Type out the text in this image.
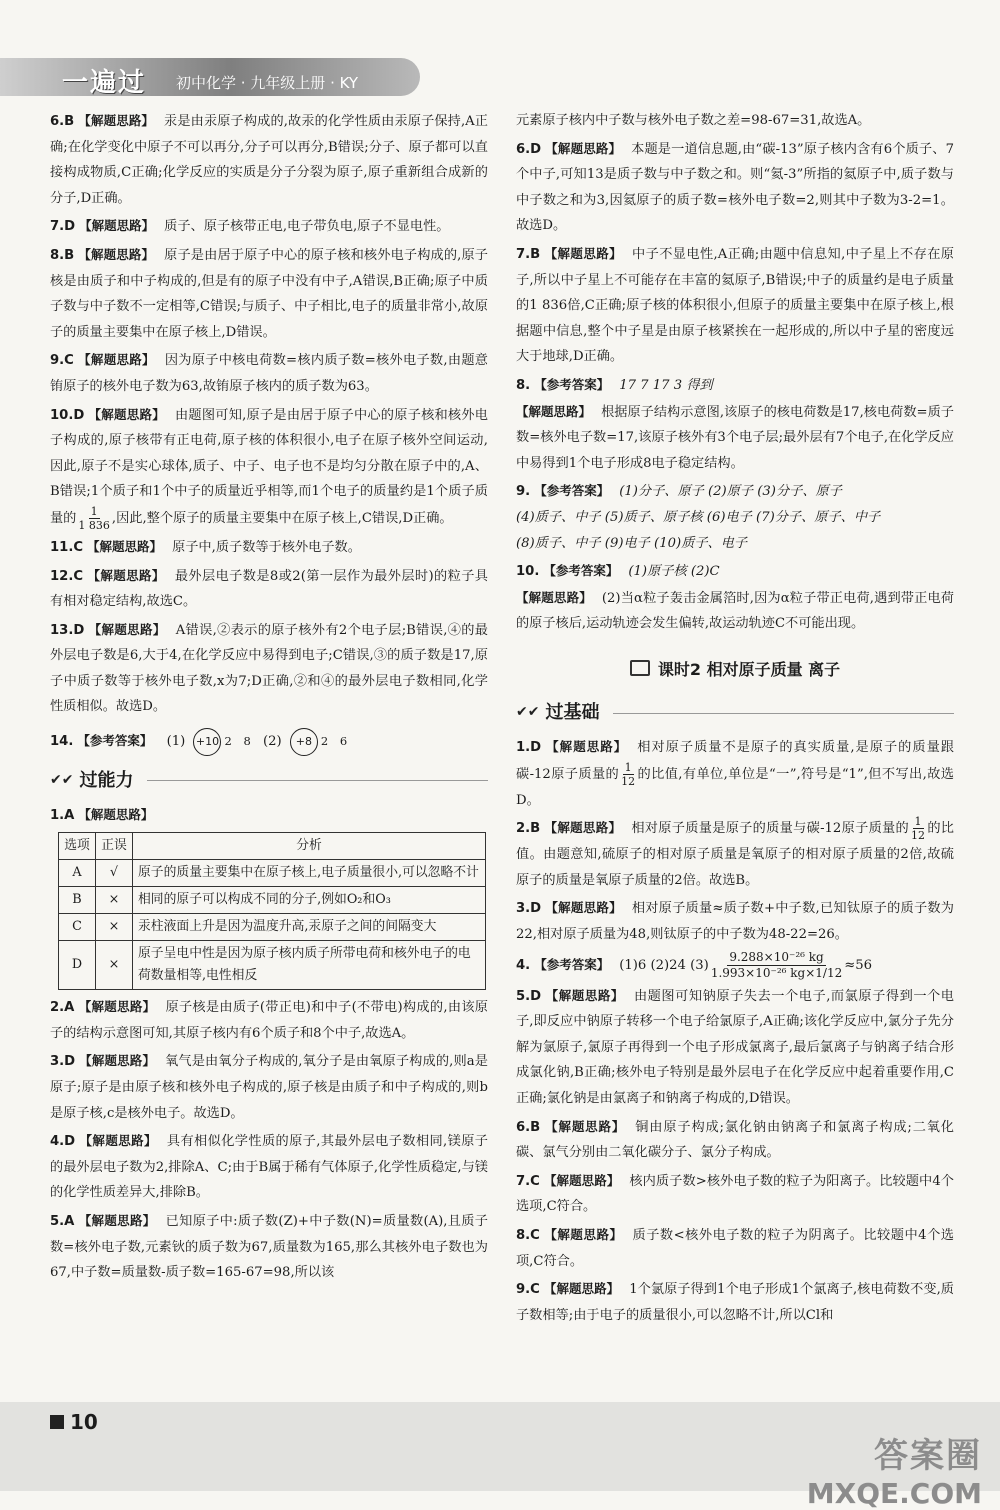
一遍过 初中化学 · 九年级上册 · KY

6.B 【解题思路】 汞是由汞原子构成的,故汞的化学性质由汞原子保持,A正确;在化学变化中原子不可以再分,分子可以再分,B错误;分子、原子都可以直接构成物质,C正确;化学反应的实质是分子分裂为原子,原子重新组合成新的分子,D正确。

7.D 【解题思路】 质子、原子核带正电,电子带负电,原子不显电性。

8.B 【解题思路】 原子是由居于原子中心的原子核和核外电子构成的,原子核是由质子和中子构成的,但是有的原子中没有中子,A错误,B正确;原子中质子数与中子数不一定相等,C错误;与质子、中子相比,电子的质量非常小,故原子的质量主要集中在原子核上,D错误。

9.C 【解题思路】 因为原子中核电荷数=核内质子数=核外电子数,由题意铕原子的核外电子数为63,故铕原子核内的质子数为63。

10.D 【解题思路】 由题图可知,原子是由居于原子中心的原子核和核外电子构成的,原子核带有正电荷,原子核的体积很小,电子在原子核外空间运动,因此,原子不是实心球体,质子、中子、电子也不是均匀分散在原子中的,A、B错误;1个质子和1个中子的质量近乎相等,而1个电子的质量约是1个质子质量的 $\frac{1}{1 836}$ ,因此,整个原子的质量主要集中在原子核上,C错误,D正确。

11.C 【解题思路】 原子中,质子数等于核外电子数。

12.C 【解题思路】 最外层电子数是8或2(第一层作为最外层时)的粒子具有相对稳定结构,故选C。

13.D 【解题思路】 A错误,②表示的原子核外有2个电子层;B错误,④的最外层电子数是6,大于4,在化学反应中易得到电子;C错误,③的质子数是17,原子中质子数等于核外电子数,x为7;D正确,②和④的最外层电子数相同,化学性质相似。故选D。

14. 【参考答案】 (1) +10 2 8 (2)	+8 2 6

✔✔ 过能力

1.A 【解题思路】

选项	正误	分析
A	√	原子的质量主要集中在原子核上,电子质量很小,可以忽略不计
B	×	相同的原子可以构成不同的分子,例如O₂和O₃
C	×	汞柱液面上升是因为温度升高,汞原子之间的间隔变大
D	×	原子呈电中性是因为原子核内质子所带电荷和核外电子的电荷数量相等,电性相反

2.A 【解题思路】 原子核是由质子(带正电)和中子(不带电)构成的,由该原子的结构示意图可知,其原子核内有6个质子和8个中子,故选A。

3.D 【解题思路】 氧气是由氧分子构成的,氧分子是由氧原子构成的,则a是原子;原子是由原子核和核外电子构成的,原子核是由质子和中子构成的,则b是原子核,c是核外电子。故选D。

4.D 【解题思路】 具有相似化学性质的原子,其最外层电子数相同,镁原子的最外层电子数为2,排除A、C;由于B属于稀有气体原子,化学性质稳定,与镁的化学性质差异大,排除B。

5.A 【解题思路】 已知原子中:质子数(Z)+中子数(N)=质量数(A),且质子数=核外电子数,元素钬的质子数为67,质量数为165,那么其核外电子数也为67,中子数=质量数-质子数=165-67=98,所以该

元素原子核内中子数与核外电子数之差=98-67=31,故选A。

6.D 【解题思路】 本题是一道信息题,由“碳-13”原子核内含有6个质子、7个中子,可知13是质子数与中子数之和。则“氦-3”所指的氦原子中,质子数与中子数之和为3,因氦原子的质子数=核外电子数=2,则其中子数为3-2=1。故选D。

7.B 【解题思路】 中子不显电性,A正确;由题中信息知,中子星上不存在原子,所以中子星上不可能存在丰富的氦原子,B错误;中子的质量约是电子质量的1 836倍,C正确;原子核的体积很小,但原子的质量主要集中在原子核上,根据题中信息,整个中子星是由原子核紧挨在一起形成的,所以中子星的密度远大于地球,D正确。

8. 【参考答案】 17 7 17 3 得到
【解题思路】 根据原子结构示意图,该原子的核电荷数是17,核电荷数=质子数=核外电子数=17,该原子核外有3个电子层;最外层有7个电子,在化学反应中易得到1个电子形成8电子稳定结构。

9. 【参考答案】 (1)分子、原子 (2)原子 (3)分子、原子
(4)质子、中子 (5)质子、原子核 (6)电子 (7)分子、原子、中子
(8)质子、中子 (9)电子 (10)质子、电子

10. 【参考答案】 (1)原子核 (2)C
【解题思路】 (2)当α粒子轰击金属箔时,因为α粒子带正电荷,遇到带正电荷的原子核后,运动轨迹会发生偏转,故运动轨迹C不可能出现。

课时2 相对原子质量 离子
✔✔ 过基础

1.D 【解题思路】 相对原子质量不是原子的真实质量,是原子的质量跟碳-12原子质量的 $\frac{1}{12}$ 的比值,有单位,单位是“一”,符号是“1”,但不写出,故选D。

2.B 【解题思路】 相对原子质量是原子的质量与碳-12原子质量的 $\frac{1}{12}$ 的比值。由题意知,硫原子的相对原子质量是氧原子的相对原子质量的2倍,故硫原子的质量是氧原子质量的2倍。故选B。

3.D 【解题思路】 相对原子质量≈质子数+中子数,已知钛原子的质子数为22,相对原子质量为48,则钛原子的中子数为48-22=26。

4. 【参考答案】 (1)6 (2)24 $(3) \frac{\text{9.288×10⁻²⁶ kg}}{\text{1.993×10⁻²⁶ kg×1/12}} \approx 56$

5.D 【解题思路】 由题图可知钠原子失去一个电子,而氯原子得到一个电子,即反应中钠原子转移一个电子给氯原子,A正确;该化学反应中,氯分子先分解为氯原子,氯原子再得到一个电子形成氯离子,最后氯离子与钠离子结合形成氯化钠,B正确;核外电子特别是最外层电子在化学反应中起着重要作用,C正确;氯化钠是由氯离子和钠离子构成的,D错误。

6.B 【解题思路】 铜由原子构成;氯化钠由钠离子和氯离子构成;二氧化碳、氯气分别由二氧化碳分子、氯分子构成。

7.C 【解题思路】 核内质子数>核外电子数的粒子为阳离子。比较题中4个选项,C符合。

8.C 【解题思路】 质子数<核外电子数的粒子为阴离子。比较题中4个选项,C符合。

9.C 【解题思路】 1个氯原子得到1个电子形成1个氯离子,核电荷数不变,质子数相等;由于电子的质量很小,可以忽略不计,所以Cl和

10
答案圈
MXQE.COM
